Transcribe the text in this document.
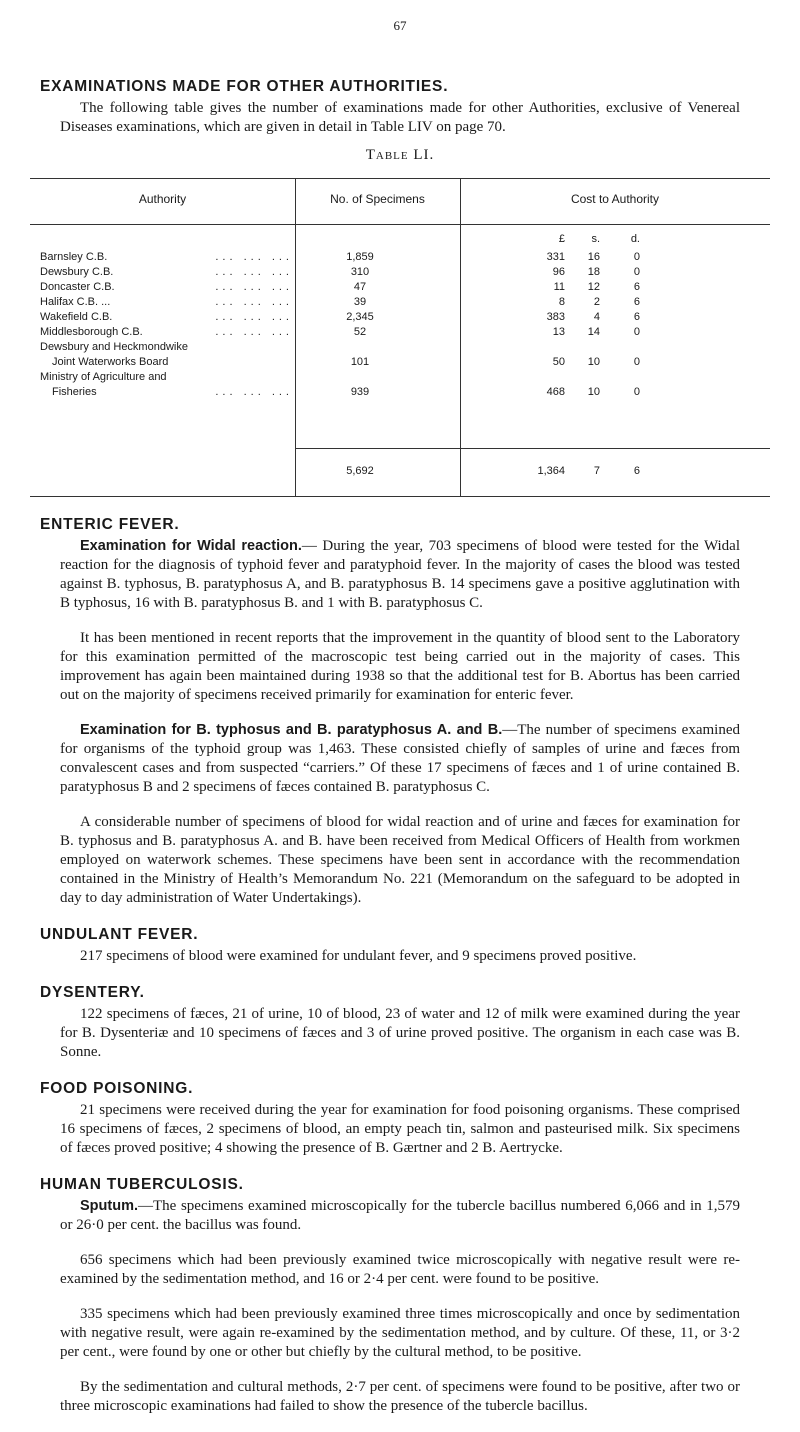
67
EXAMINATIONS MADE FOR OTHER AUTHORITIES.

The following table gives the number of examinations made for other Authorities, exclusive of Venereal Diseases examinations, which are given in detail in Table LIV on page 70.

Table LI.
Authority	No. of Specimens	Cost to Authority
£	s.	d.
Barnsley C.B.	... ... ...	1,859	331	16	0
Dewsbury C.B.	... ... ...	310	96	18	0
Doncaster C.B.	... ... ...	47	11	12	6
Halifax C.B. ...	... ... ...	39	8	2	6
Wakefield C.B.	... ... ...	2,345	383	4	6
Middlesborough C.B.	... ... ...	52	13	14	0
Dewsbury and Heckmondwike
Joint Waterworks Board	101	50	10	0
Ministry of Agriculture and
Fisheries	... ... ...	939	468	10	0
5,692	1,364	7	6
ENTERIC FEVER.

Examination for Widal reaction.— During the year, 703 specimens of blood were tested for the Widal reaction for the diagnosis of typhoid fever and paratyphoid fever. In the majority of cases the blood was tested against B. typhosus, B. paratyphosus A, and B. paratyphosus B. 14 specimens gave a positive agglutination with B typhosus, 16 with B. paratyphosus B. and 1 with B. paratyphosus C.

It has been mentioned in recent reports that the improvement in the quantity of blood sent to the Laboratory for this examination permitted of the macroscopic test being carried out in the majority of cases. This improvement has again been maintained during 1938 so that the additional test for B. Abortus has been carried out on the majority of specimens received primarily for examination for enteric fever.

Examination for B. typhosus and B. paratyphosus A. and B.—The number of specimens examined for organisms of the typhoid group was 1,463. These consisted chiefly of samples of urine and fæces from convalescent cases and from suspected “carriers.” Of these 17 specimens of fæces and 1 of urine contained B. paratyphosus B and 2 specimens of fæces contained B. paratyphosus C.

A considerable number of specimens of blood for widal reaction and of urine and fæces for examination for B. typhosus and B. paratyphosus A. and B. have been received from Medical Officers of Health from workmen employed on waterwork schemes. These specimens have been sent in accordance with the recommendation contained in the Ministry of Health’s Memorandum No. 221 (Memorandum on the safeguard to be adopted in day to day administration of Water Undertakings).

UNDULANT FEVER.

217 specimens of blood were examined for undulant fever, and 9 specimens proved positive.

DYSENTERY.

122 specimens of fæces, 21 of urine, 10 of blood, 23 of water and 12 of milk were examined during the year for B. Dysenteriæ and 10 specimens of fæces and 3 of urine proved positive. The organism in each case was B. Sonne.

FOOD POISONING.

21 specimens were received during the year for examination for food poisoning organisms. These comprised 16 specimens of fæces, 2 specimens of blood, an empty peach tin, salmon and pasteurised milk. Six specimens of fæces proved positive; 4 showing the presence of B. Gærtner and 2 B. Aertrycke.

HUMAN TUBERCULOSIS.

Sputum.—The specimens examined microscopically for the tubercle bacillus numbered 6,066 and in 1,579 or 26·0 per cent. the bacillus was found.

656 specimens which had been previously examined twice microscopically with negative result were re-examined by the sedimentation method, and 16 or 2·4 per cent. were found to be positive.

335 specimens which had been previously examined three times microscopically and once by sedimentation with negative result, were again re-examined by the sedimentation method, and by culture. Of these, 11, or 3·2 per cent., were found by one or other but chiefly by the cultural method, to be positive.

By the sedimentation and cultural methods, 2·7 per cent. of specimens were found to be positive, after two or three microscopic examinations had failed to show the presence of the tubercle bacillus.
